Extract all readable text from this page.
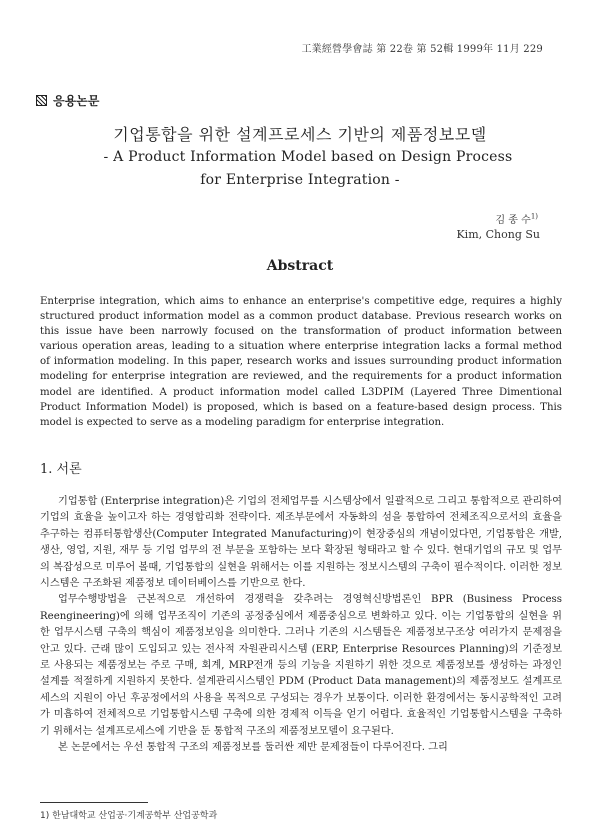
工業經營學會誌 第 22卷 第 52輯 1999年 11月 229
응용논문
기업통합을 위한 설계프로세스 기반의 제품정보모델
- A Product Information Model based on Design Process
for Enterprise Integration -
김 종 수$^{1)}$
Kim, Chong Su
Abstract
Enterprise integration, which aims to enhance an enterprise's competitive edge, requires a highly structured product information model as a common product database. Previous research works on this issue have been narrowly focused on the transformation of product information between various operation areas, leading to a situation where enterprise integration lacks a formal method of information modeling. In this paper, research works and issues surrounding product information modeling for enterprise integration are reviewed, and the requirements for a product information model are identified. A product information model called L3DPIM (Layered Three Dimentional Product Information Model) is proposed, which is based on a feature-based design process. This model is expected to serve as a modeling paradigm for enterprise integration.
1. 서론

기업통합 (Enterprise integration)은 기업의 전체업무를 시스템상에서 일괄적으로 그리고 통합적으로 관리하여 기업의 효율을 높이고자 하는 경영합리화 전략이다. 제조부문에서 자동화의 섬을 통합하여 전체조직으로서의 효율을 추구하는 컴퓨터통합생산(Computer Integrated Manufacturing)이 현장중심의 개념이었다면, 기업통합은 개발, 생산, 영업, 지원, 재무 등 기업 업무의 전 부문을 포함하는 보다 확장된 형태라고 할 수 있다. 현대기업의 규모 및 업무의 복잡성으로 미루어 볼때, 기업통합의 실현을 위해서는 이를 지원하는 정보시스템의 구축이 필수적이다. 이러한 정보시스템은 구조화된 제품정보 데이터베이스를 기반으로 한다.

업무수행방법을 근본적으로 개선하여 경쟁력을 갖추려는 경영혁신방법론인 BPR (Business Process Reengineering)에 의해 업무조직이 기존의 공정중심에서 제품중심으로 변화하고 있다. 이는 기업통합의 실현을 위한 업무시스템 구축의 핵심이 제품정보임을 의미한다. 그러나 기존의 시스템들은 제품정보구조상 여러가지 문제점을 안고 있다. 근래 많이 도입되고 있는 전사적 자원관리시스템 (ERP, Enterprise Resources Planning)의 기준정보로 사용되는 제품정보는 주로 구매, 회계, MRP전개 등의 기능을 지원하기 위한 것으로 제품정보를 생성하는 과정인 설계를 적절하게 지원하지 못한다. 설계관리시스템인 PDM (Product Data management)의 제품정보도 설계프로세스의 지원이 아닌 후공정에서의 사용을 목적으로 구성되는 경우가 보통이다. 이러한 환경에서는 동시공학적인 고려가 미흡하여 전체적으로 기업통합시스템 구축에 의한 경제적 이득을 얻기 어렵다. 효율적인 기업통합시스템을 구축하기 위해서는 설계프로세스에 기반을 둔 통합적 구조의 제품정보모델이 요구된다.

본 논문에서는 우선 통합적 구조의 제품정보를 둘러싼 제반 문제점들이 다루어진다. 그리

1) 한남대학교 산업공·기계공학부 산업공학과
